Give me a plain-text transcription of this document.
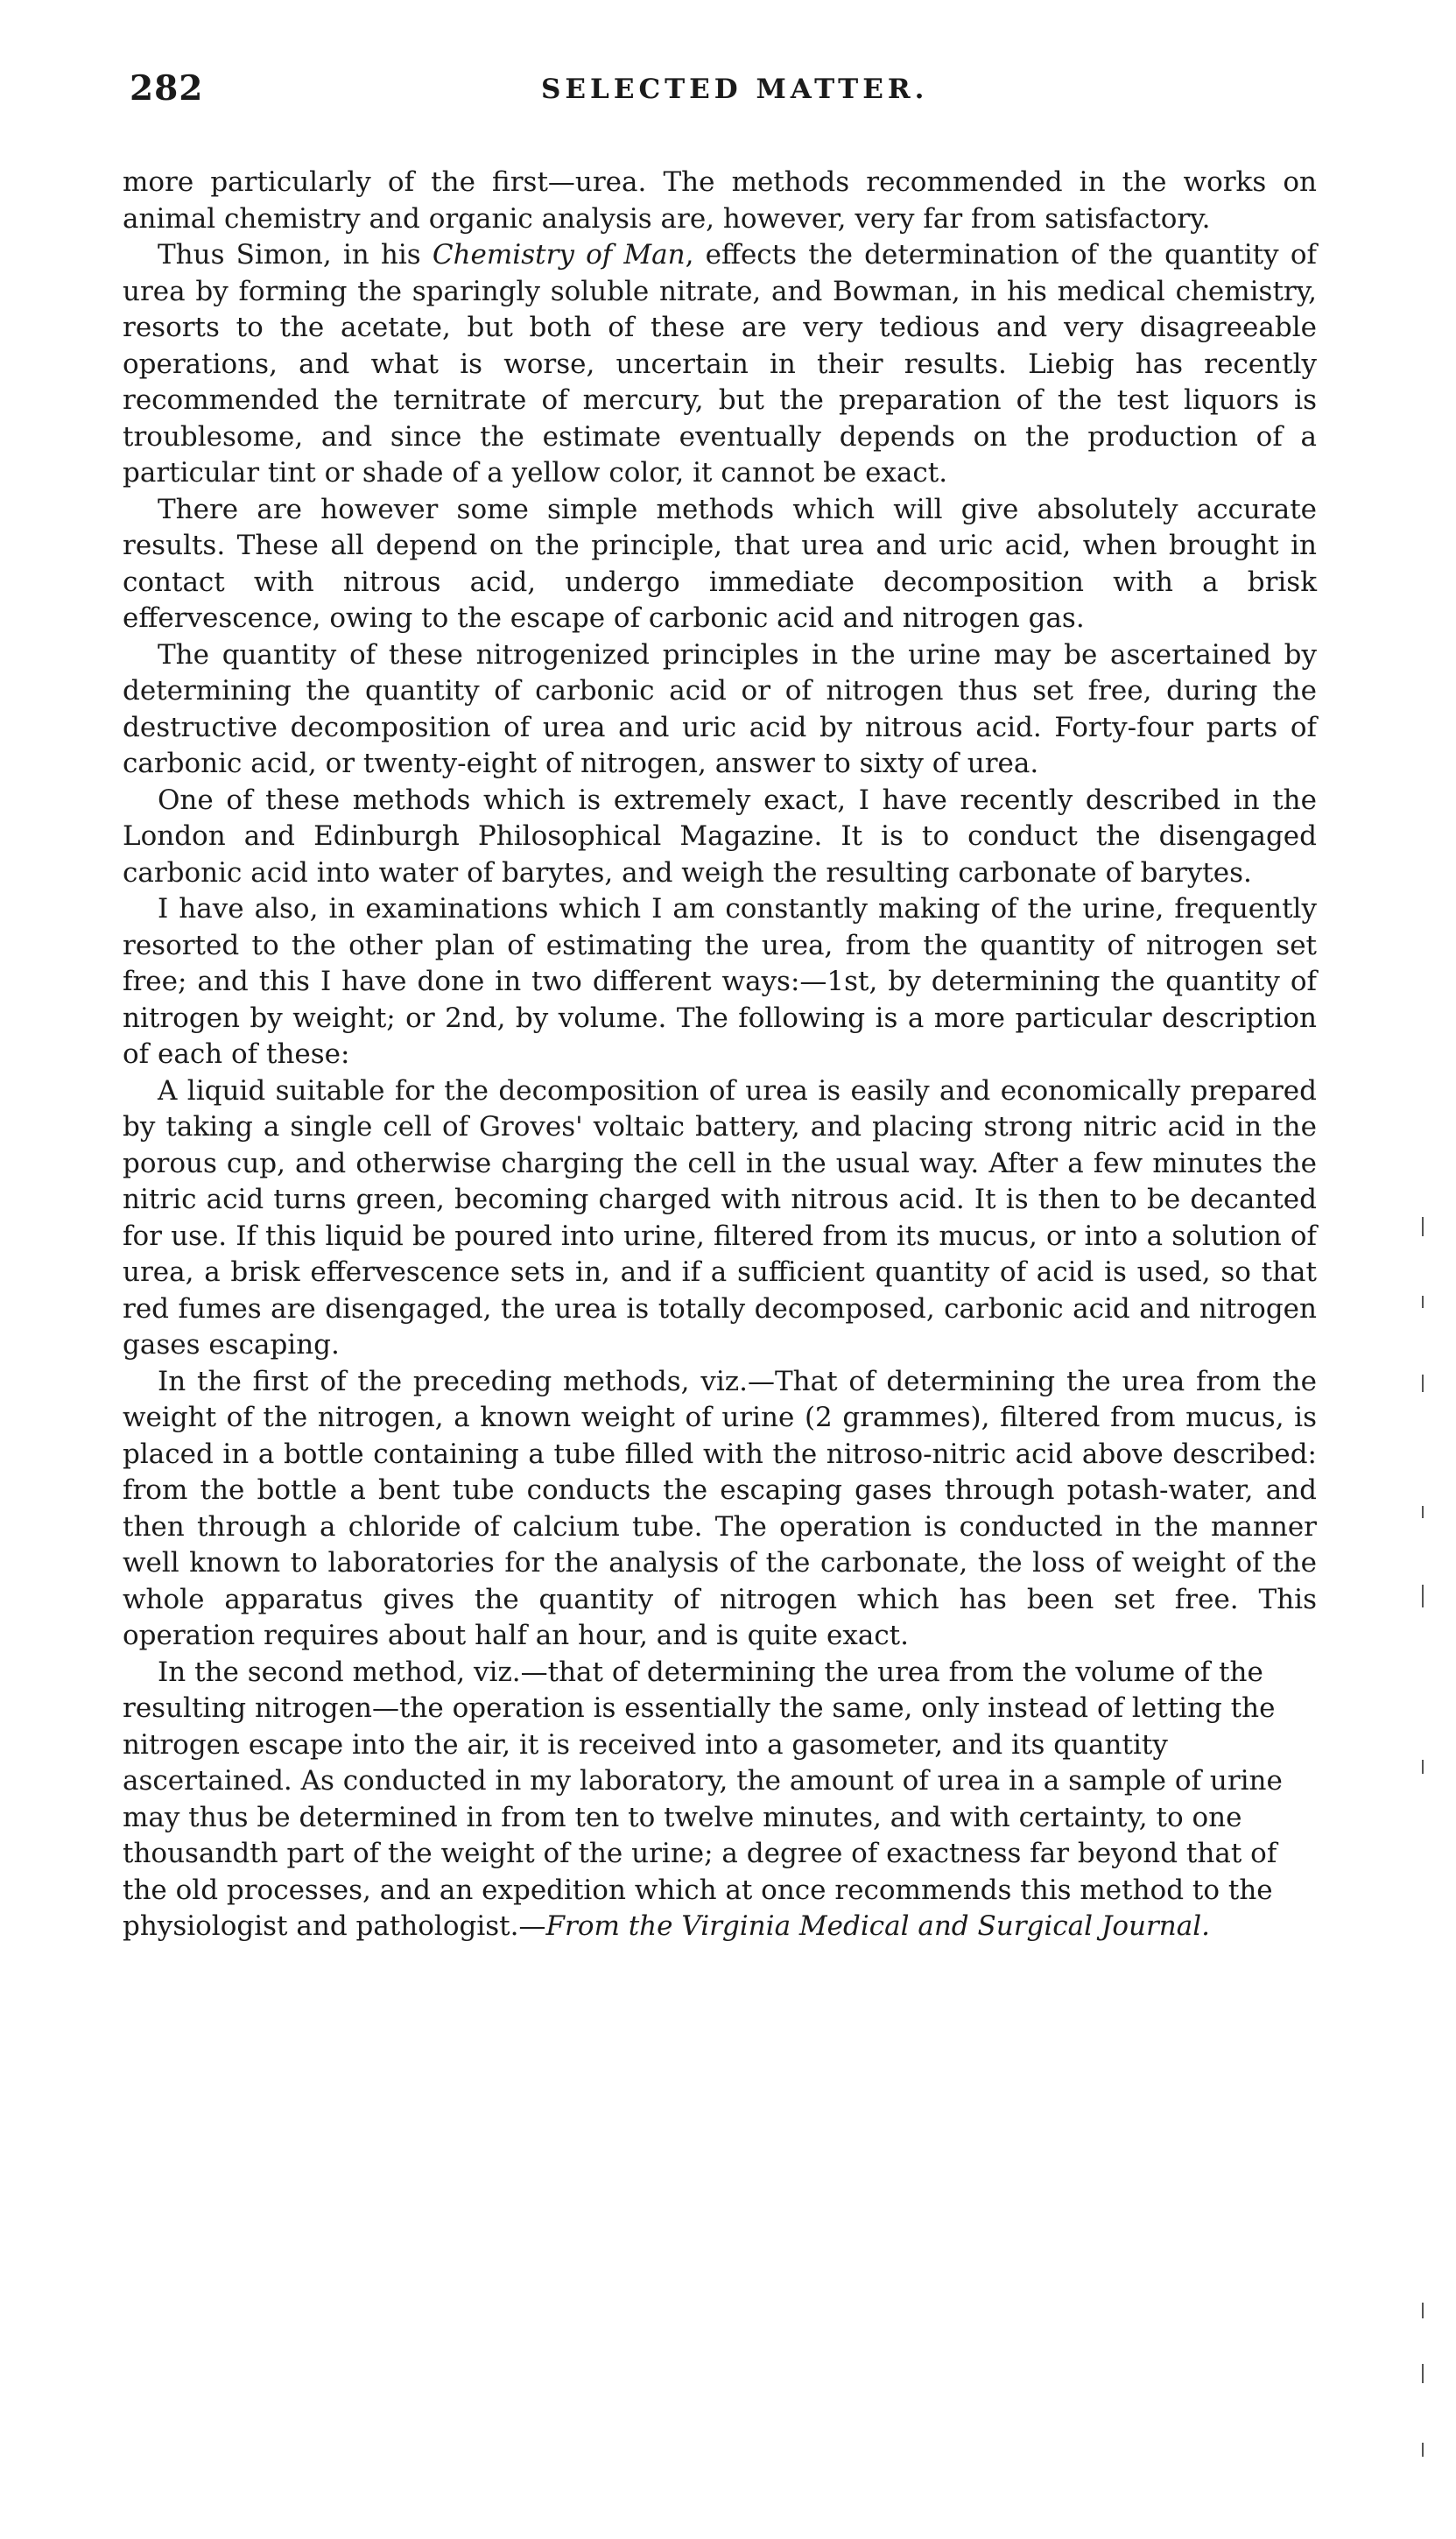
282	SELECTED MATTER.

more particularly of the first—urea. The methods recommended in the works on animal chemistry and organic analysis are, however, very far from satisfactory.

Thus Simon, in his Chemistry of Man, effects the determination of the quantity of urea by forming the sparingly soluble nitrate, and Bowman, in his medical chemistry, resorts to the acetate, but both of these are very tedious and very disagreeable operations, and what is worse, uncertain in their results. Liebig has recently recommended the ternitrate of mercury, but the preparation of the test liquors is troublesome, and since the estimate eventually depends on the production of a particular tint or shade of a yellow color, it cannot be exact.

There are however some simple methods which will give absolutely accurate results. These all depend on the principle, that urea and uric acid, when brought in contact with nitrous acid, undergo immediate decomposition with a brisk effervescence, owing to the escape of carbonic acid and nitrogen gas.

The quantity of these nitrogenized principles in the urine may be ascertained by determining the quantity of carbonic acid or of nitrogen thus set free, during the destructive decomposition of urea and uric acid by nitrous acid. Forty-four parts of carbonic acid, or twenty-eight of nitrogen, answer to sixty of urea.

One of these methods which is extremely exact, I have recently described in the London and Edinburgh Philosophical Magazine. It is to conduct the disengaged carbonic acid into water of barytes, and weigh the resulting carbonate of barytes.

I have also, in examinations which I am constantly making of the urine, frequently resorted to the other plan of estimating the urea, from the quantity of nitrogen set free; and this I have done in two different ways:—1st, by determining the quantity of nitrogen by weight; or 2nd, by volume. The following is a more particular description of each of these:

A liquid suitable for the decomposition of urea is easily and economically prepared by taking a single cell of Groves' voltaic battery, and placing strong nitric acid in the porous cup, and otherwise charging the cell in the usual way. After a few minutes the nitric acid turns green, becoming charged with nitrous acid. It is then to be decanted for use. If this liquid be poured into urine, filtered from its mucus, or into a solution of urea, a brisk effervescence sets in, and if a sufficient quantity of acid is used, so that red fumes are disengaged, the urea is totally decomposed, carbonic acid and nitrogen gases escaping.

In the first of the preceding methods, viz.—That of determining the urea from the weight of the nitrogen, a known weight of urine (2 grammes), filtered from mucus, is placed in a bottle containing a tube filled with the nitroso-nitric acid above described: from the bottle a bent tube conducts the escaping gases through potash-water, and then through a chloride of calcium tube. The operation is conducted in the manner well known to laboratories for the analysis of the carbonate, the loss of weight of the whole apparatus gives the quantity of nitrogen which has been set free. This operation requires about half an hour, and is quite exact.

In the second method, viz.—that of determining the urea from the volume of the resulting nitrogen—the operation is essentially the same, only instead of letting the nitrogen escape into the air, it is received into a gasometer, and its quantity ascertained. As conducted in my laboratory, the amount of urea in a sample of urine may thus be determined in from ten to twelve minutes, and with certainty, to one thousandth part of the weight of the urine; a degree of exactness far beyond that of the old processes, and an expedition which at once recommends this method to the physiologist and pathologist.—From the Virginia Medical and Surgical Journal.
